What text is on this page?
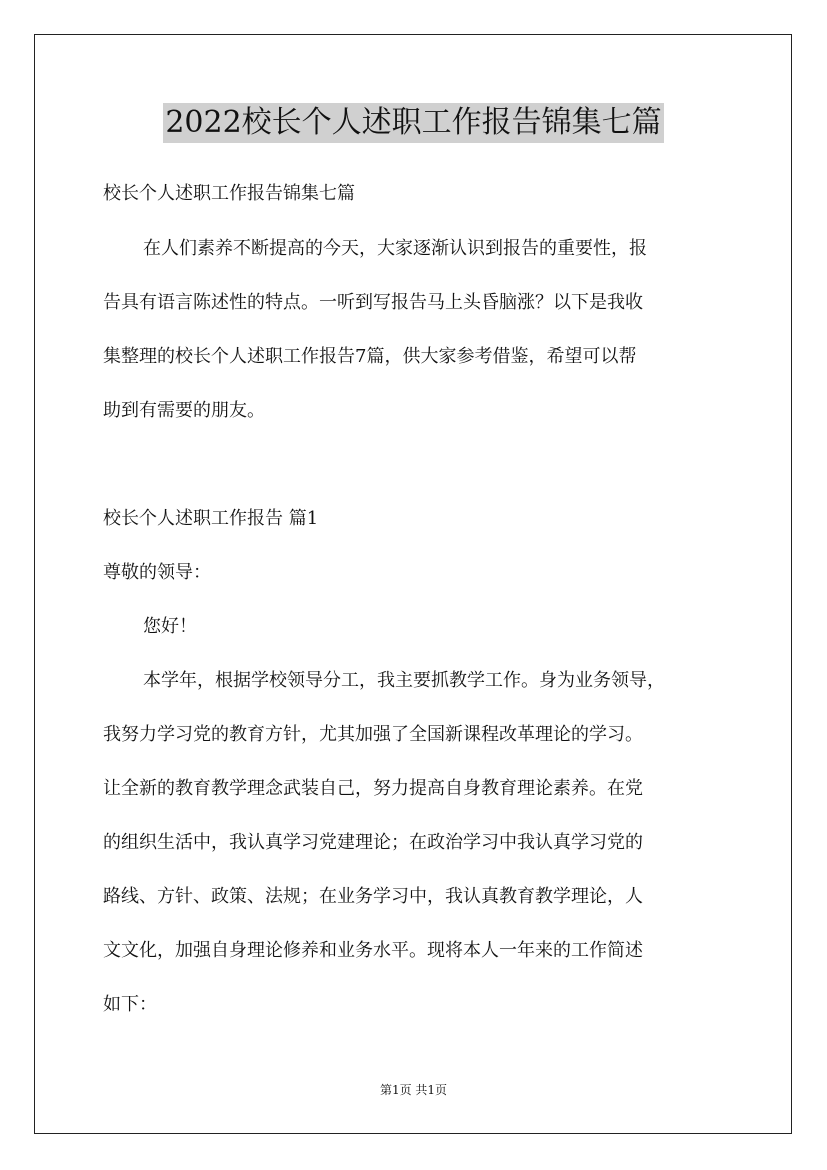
2022校长个人述职工作报告锦集七篇
校长个人述职工作报告锦集七篇
在人们素养不断提高的今天，大家逐渐认识到报告的重要性，报
告具有语言陈述性的特点。一听到写报告马上头昏脑涨？以下是我收
集整理的校长个人述职工作报告7篇，供大家参考借鉴，希望可以帮
助到有需要的朋友。
校长个人述职工作报告 篇1
尊敬的领导：
您好！
本学年，根据学校领导分工，我主要抓教学工作。身为业务领导，
我努力学习党的教育方针，尤其加强了全国新课程改革理论的学习。
让全新的教育教学理念武装自己，努力提高自身教育理论素养。在党
的组织生活中，我认真学习党建理论；在政治学习中我认真学习党的
路线、方针、政策、法规；在业务学习中，我认真教育教学理论，人
文文化，加强自身理论修养和业务水平。现将本人一年来的工作简述
如下：
第1页 共1页
